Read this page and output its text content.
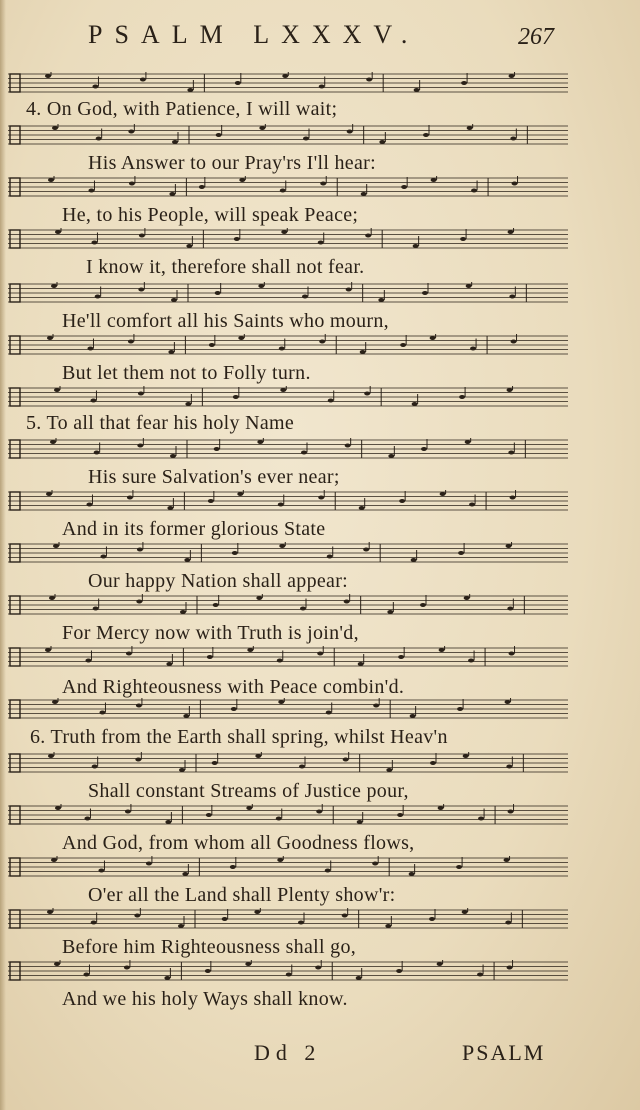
PSALM LXXXV.	267
4. On God, with Patience, I will wait;
His Answer to our Pray'rs I'll hear:
He, to his People, will speak Peace;
I know it, therefore shall not fear.
He'll comfort all his Saints who mourn,
But let them not to Folly turn.
5. To all that fear his holy Name
His sure Salvation's ever near;
And in its former glorious State
Our happy Nation shall appear:
For Mercy now with Truth is join'd,
And Righteousness with Peace combin'd.
6. Truth from the Earth shall spring, whilst Heav'n
Shall constant Streams of Justice pour,
And God, from whom all Goodness flows,
O'er all the Land shall Plenty show'r:
Before him Righteousness shall go,
And we his holy Ways shall know.
Dd 2	PSALM
